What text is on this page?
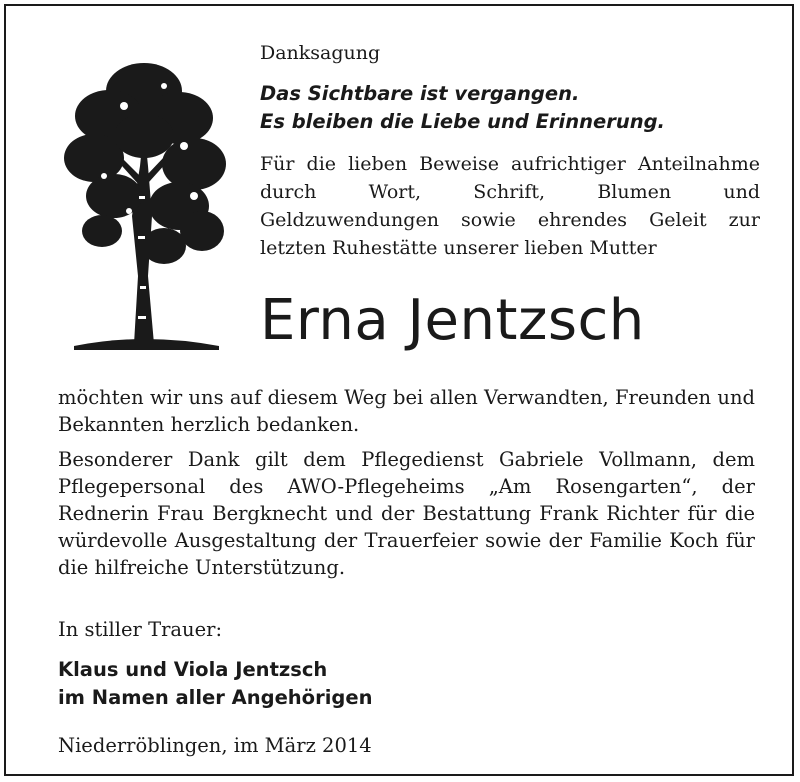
Danksagung

Das Sichtbare ist vergangen.
Es bleiben die Liebe und Erinnerung.

Für die lieben Beweise aufrichtiger Anteilnahme durch Wort, Schrift, Blumen und Geldzuwendungen sowie ehrendes Geleit zur letzten Ruhestätte unserer lieben Mutter

Erna Jentzsch

möchten wir uns auf diesem Weg bei allen Verwandten, Freunden und Bekannten herzlich bedanken.

Besonderer Dank gilt dem Pflegedienst Gabriele Vollmann, dem Pflegepersonal des AWO-Pflegeheims „Am Rosengarten“, der Rednerin Frau Bergknecht und der Bestattung Frank Richter für die würdevolle Ausgestaltung der Trauerfeier sowie der Familie Koch für die hilfreiche Unterstützung.

In stiller Trauer:

Klaus und Viola Jentzsch
im Namen aller Angehörigen

Niederröblingen, im März 2014
